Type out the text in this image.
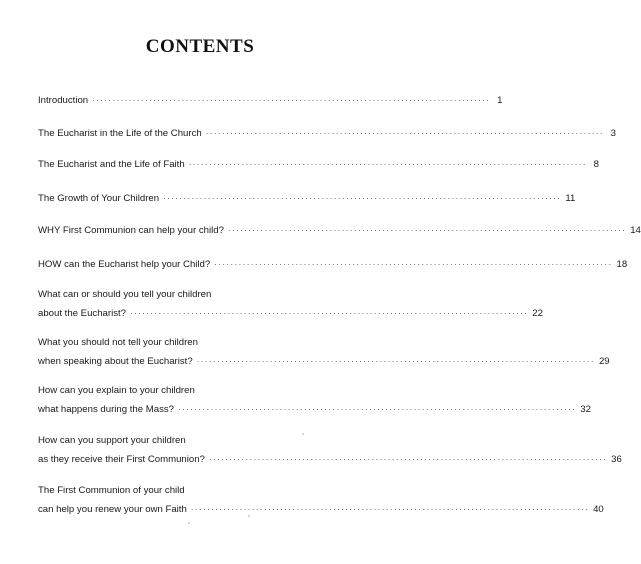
CONTENTS
Introduction ·································································································· 1
The Eucharist in the Life of the Church ·································································································· 3
The Eucharist and the Life of Faith ·································································································· 8
The Growth of Your Children ·································································································· 11
WHY First Communion can help your child? ·································································································· 14
HOW can the Eucharist help your Child? ·································································································· 18
What can or should you tell your children
about the Eucharist? ·································································································· 22
What you should not tell your children
when speaking about the Eucharist? ·································································································· 29
How can you explain to your children
what happens during the Mass? ·································································································· 32
How can you support your children
as they receive their First Communion? ·································································································· 36
The First Communion of your child
can help you renew your own Faith ·································································································· 40
